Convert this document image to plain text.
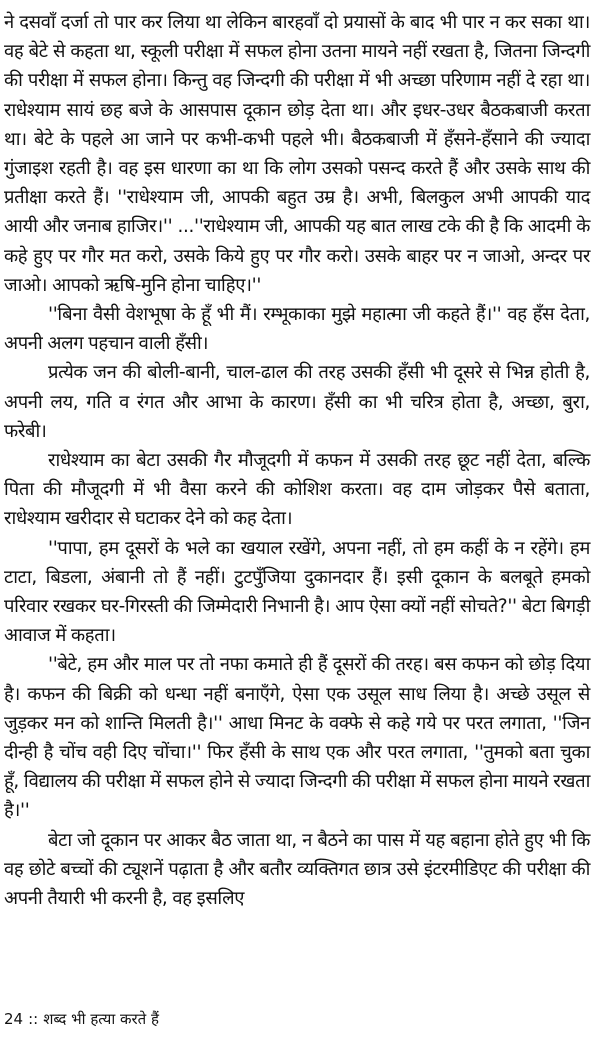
ने दसवाँ दर्जा तो पार कर लिया था लेकिन बारहवाँ दो प्रयासों के बाद भी पार न कर सका था। वह बेटे से कहता था, स्कूली परीक्षा में सफल होना उतना मायने नहीं रखता है, जितना जिन्दगी की परीक्षा में सफल होना। किन्तु वह जिन्दगी की परीक्षा में भी अच्छा परिणाम नहीं दे रहा था। राधेश्याम सायं छह बजे के आसपास दूकान छोड़ देता था। और इधर-उधर बैठकबाजी करता था। बेटे के पहले आ जाने पर कभी-कभी पहले भी। बैठकबाजी में हँसने-हँसाने की ज्यादा गुंजाइश रहती है। वह इस धारणा का था कि लोग उसको पसन्द करते हैं और उसके साथ की प्रतीक्षा करते हैं। ''राधेश्याम जी, आपकी बहुत उम्र है। अभी, बिलकुल अभी आपकी याद आयी और जनाब हाजिर।'' ...''राधेश्याम जी, आपकी यह बात लाख टके की है कि आदमी के कहे हुए पर गौर मत करो, उसके किये हुए पर गौर करो। उसके बाहर पर न जाओ, अन्दर पर जाओ। आपको ऋषि-मुनि होना चाहिए।''

''बिना वैसी वेशभूषा के हूँ भी मैं। रम्भूकाका मुझे महात्मा जी कहते हैं।'' वह हँस देता, अपनी अलग पहचान वाली हँसी।

प्रत्येक जन की बोली-बानी, चाल-ढाल की तरह उसकी हँसी भी दूसरे से भिन्न होती है, अपनी लय, गति व रंगत और आभा के कारण। हँसी का भी चरित्र होता है, अच्छा, बुरा, फरेबी।

राधेश्याम का बेटा उसकी गैर मौजूदगी में कफन में उसकी तरह छूट नहीं देता, बल्कि पिता की मौजूदगी में भी वैसा करने की कोशिश करता। वह दाम जोड़कर पैसे बताता, राधेश्याम खरीदार से घटाकर देने को कह देता।

''पापा, हम दूसरों के भले का खयाल रखेंगे, अपना नहीं, तो हम कहीं के न रहेंगे। हम टाटा, बिडला, अंबानी तो हैं नहीं। टुटपुँजिया दुकानदार हैं। इसी दूकान के बलबूते हमको परिवार रखकर घर-गिरस्ती की जिम्मेदारी निभानी है। आप ऐसा क्यों नहीं सोचते?'' बेटा बिगड़ी आवाज में कहता।

''बेटे, हम और माल पर तो नफा कमाते ही हैं दूसरों की तरह। बस कफन को छोड़ दिया है। कफन की बिक्री को धन्धा नहीं बनाएँगे, ऐसा एक उसूल साध लिया है। अच्छे उसूल से जुड़कर मन को शान्ति मिलती है।'' आधा मिनट के वक्फे से कहे गये पर परत लगाता, ''जिन दीन्ही है चोंच वही दिए चोंचा।'' फिर हँसी के साथ एक और परत लगाता, ''तुमको बता चुका हूँ, विद्यालय की परीक्षा में सफल होने से ज्यादा जिन्दगी की परीक्षा में सफल होना मायने रखता है।''

बेटा जो दूकान पर आकर बैठ जाता था, न बैठने का पास में यह बहाना होते हुए भी कि वह छोटे बच्चों की ट्यूशनें पढ़ाता है और बतौर व्यक्तिगत छात्र उसे इंटरमीडिएट की परीक्षा की अपनी तैयारी भी करनी है, वह इसलिए

24 :: शब्द भी हत्या करते हैं
